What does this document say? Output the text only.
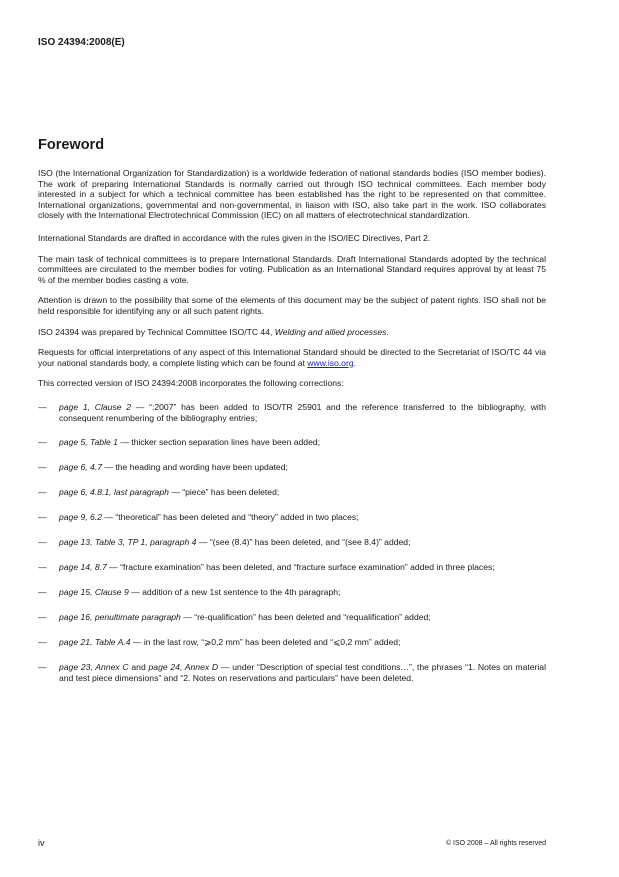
ISO 24394:2008(E)
Foreword

ISO (the International Organization for Standardization) is a worldwide federation of national standards bodies (ISO member bodies). The work of preparing International Standards is normally carried out through ISO technical committees. Each member body interested in a subject for which a technical committee has been established has the right to be represented on that committee. International organizations, governmental and non-governmental, in liaison with ISO, also take part in the work. ISO collaborates closely with the International Electrotechnical Commission (IEC) on all matters of electrotechnical standardization.

International Standards are drafted in accordance with the rules given in the ISO/IEC Directives, Part 2.

The main task of technical committees is to prepare International Standards. Draft International Standards adopted by the technical committees are circulated to the member bodies for voting. Publication as an International Standard requires approval by at least 75 % of the member bodies casting a vote.

Attention is drawn to the possibility that some of the elements of this document may be the subject of patent rights. ISO shall not be held responsible for identifying any or all such patent rights.

ISO 24394 was prepared by Technical Committee ISO/TC 44, Welding and allied processes.

Requests for official interpretations of any aspect of this International Standard should be directed to the Secretariat of ISO/TC 44 via your national standards body, a complete listing which can be found at www.iso.org.

This corrected version of ISO 24394:2008 incorporates the following corrections:

— page 1, Clause 2 — “:2007” has been added to ISO/TR 25901 and the reference transferred to the bibliography, with consequent renumbering of the bibliography entries;
— page 5, Table 1 — thicker section separation lines have been added;
— page 6, 4.7 — the heading and wording have been updated;
— page 6, 4.8.1, last paragraph — “piece” has been deleted;
— page 9, 6.2 — “theoretical” has been deleted and “theory” added in two places;
— page 13, Table 3, TP 1, paragraph 4 — “(see (8.4)” has been deleted, and “(see 8.4)” added;
— page 14, 8.7 — “fracture examination” has been deleted, and “fracture surface examination” added in three places;
— page 15, Clause 9 — addition of a new 1st sentence to the 4th paragraph;
— page 16, penultimate paragraph — “re-qualification” has been deleted and “requalification” added;
— page 21, Table A.4 — in the last row, “⩾0,2 mm” has been deleted and “⩽0,2 mm” added;
— page 23, Annex C and page 24, Annex D — under “Description of special test conditions…”, the phrases “1. Notes on material and test piece dimensions” and “2. Notes on reservations and particulars” have been deleted.
iv	© ISO 2008 – All rights reserved
